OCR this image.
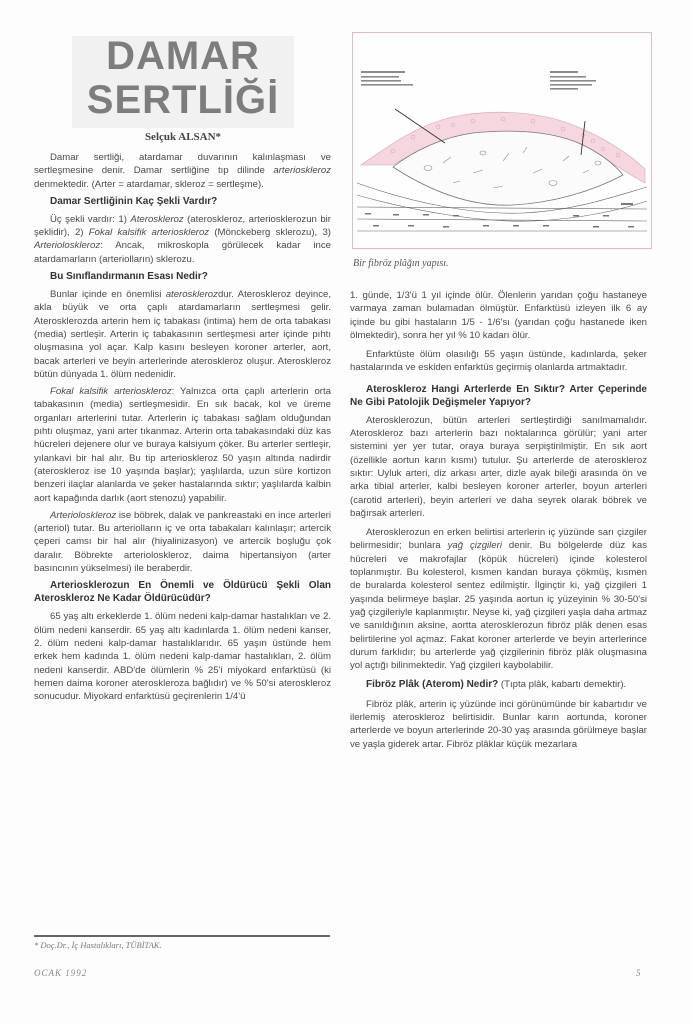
DAMAR
SERTLİĞİ
Selçuk ALSAN*

Damar sertliği, atardamar duvarının kalınlaşması ve sertleşmesine denir. Damar sertliğine tıp dilinde arterioskleroz denmektedir. (Arter = atardamar, skleroz = sertleşme).

Damar Sertliğinin Kaç Şekli Vardır?

Üç şekli vardır: 1) Ateroskleroz (ateroskleroz, arteriosklerozun bir şeklidir), 2) Fokal kalsifik arterioskleroz (Mönckeberg sklerozu), 3) Arterioloskleroz: Ancak, mikroskopla görülecek kadar ince atardamarların (arteriolların) sklerozu.

Bu Sınıflandırmanın Esası Nedir?

Bunlar içinde en önemlisi aterosklerozdur. Ateroskleroz deyince, akla büyük ve orta çaplı atardamarların sertleşmesi gelir. Aterosklerozda arterin hem iç tabakası (intima) hem de orta tabakası (media) sertleşir. Arterin iç tabakasının sertleşmesi arter içinde pıhtı oluşmasına yol açar. Kalp kasını besleyen koroner arterler, aort, bacak arterleri ve beyin arterlerinde ateroskleroz oluşur. Ateroskleroz bütün dünyada 1. ölüm nedenidir.

Fokal kalsifik arterioskleroz: Yalnızca orta çaplı arterlerin orta tabakasının (media) sertleşmesidir. En sık bacak, kol ve üreme organları arterlerini tutar. Arterlerin iç tabakası sağlam olduğundan pıhtı oluşmaz, yani arter tıkanmaz. Arterin orta tabakasındaki düz kas hücreleri dejenere olur ve buraya kalsiyum çöker. Bu arterler sertleşir, yılankavi bir hal alır. Bu tip arterioskleroz 50 yaşın altında nadirdir (ateroskleroz ise 10 yaşında başlar); yaşlılarda, uzun süre kortizon benzeri ilaçlar alanlarda ve şeker hastalarında sıktır; yaşlılarda kalbin aort kapağında darlık (aort stenozu) yapabilir.

Arterioloskleroz ise böbrek, dalak ve pankreastaki en ince arterleri (arteriol) tutar. Bu arteriolların iç ve orta tabakaları kalınlaşır; artercik çeperi camsı bir hal alır (hiyalinizasyon) ve artercik boşluğu çok daralır. Böbrekte arterioloskleroz, daima hipertansiyon (arter basıncının yükselmesi) ile beraberdir.

Arteriosklerozun En Önemli ve Öldürücü Şekli Olan Ateroskleroz Ne Kadar Öldürücüdür?

65 yaş altı erkeklerde 1. ölüm nedeni kalp-damar hastalıkları ve 2. ölüm nedeni kanserdir. 65 yaş altı kadınlarda 1. ölüm nedeni kanser, 2. ölüm nedeni kalp-damar hastalıklarıdır. 65 yaşın üstünde hem erkek hem kadında 1. ölüm nedeni kalp-damar hastalıkları, 2. ölüm nedeni kanserdir. ABD'de ölümlerin % 25'i miyokard enfarktüsü (ki hemen daima koroner ateroskleroza bağlıdır) ve % 50'si ateroskleroz sonucudur. Miyokard enfarktüsü geçirenlerin 1/4'ü

Bir fibröz plâğın yapısı.

1. günde, 1/3'ü 1 yıl içinde ölür. Ölenlerin yarıdan çoğu hastaneye varmaya zaman bulamadan ölmüştür. Enfarktüsü izleyen ilk 6 ay içinde bu gibi hastaların 1/5 - 1/6'sı (yarıdan çoğu hastanede iken ölmektedir), sonra her yıl % 10 kadarı ölür.

Enfarktüste ölüm olasılığı 55 yaşın üstünde, kadınlarda, şeker hastalarında ve eskiden enfarktüs geçirmiş olanlarda artmaktadır.

Ateroskleroz Hangi Arterlerde En Sıktır? Arter Çeperinde Ne Gibi Patolojik Değişmeler Yapıyor?

Aterosklerozun, bütün arterleri sertleştirdiği sanılmamalıdır. Ateroskleroz bazı arterlerin bazı noktalarınca görülür; yani arter sistemini yer yer tutar, oraya buraya serpiştirilmiştir. En sık aort (özellikle aortun karın kısmı) tutulur. Şu arterlerde de ateroskleroz sıktır: Uyluk arteri, diz arkası arter, dizle ayak bileği arasında ön ve arka tibial arterler, kalbi besleyen koroner arterler, boyun arterleri (carotid arterleri), beyin arterleri ve daha seyrek olarak böbrek ve bağırsak arterleri.

Aterosklerozun en erken belirtisi arterlerin iç yüzünde sarı çizgiler belirmesidir; bunlara yağ çizgileri denir. Bu bölgelerde düz kas hücreleri ve makrofajlar (köpük hücreleri) içinde kolesterol toplanmıştır. Bu kolesterol, kısmen kandan buraya çökmüş, kısmen de buralarda kolesterol sentez edilmiştir. İlginçtir ki, yağ çizgileri 1 yaşında belirmeye başlar. 25 yaşında aortun iç yüzeyinin % 30-50'si yağ çizgileriyle kaplanmıştır. Neyse ki, yağ çizgileri yaşla daha artmaz ve sanıldığının aksine, aortta aterosklerozun fibröz plâk denen esas belirtilerine yol açmaz. Fakat koroner arterlerde ve beyin arterlerince durum farklıdır; bu arterlerde yağ çizgilerinin fibröz plâk oluşmasına yol açtığı bilinmektedir. Yağ çizgileri kaybolabilir.

Fibröz Plâk (Aterom) Nedir? (Tıpta plâk, kabartı demektir).

Fibröz plâk, arterin iç yüzünde inci görünümünde bir kabartıdır ve ilerlemiş ateroskleroz belirtisidir. Bunlar karın aortunda, koroner arterlerde ve boyun arterlerinde 20-30 yaş arasında görülmeye başlar ve yaşla giderek artar. Fibröz plâklar küçük mezarlara

* Doç.Dr., İç Hastalıkları, TÜBİTAK.
OCAK 1992	5
